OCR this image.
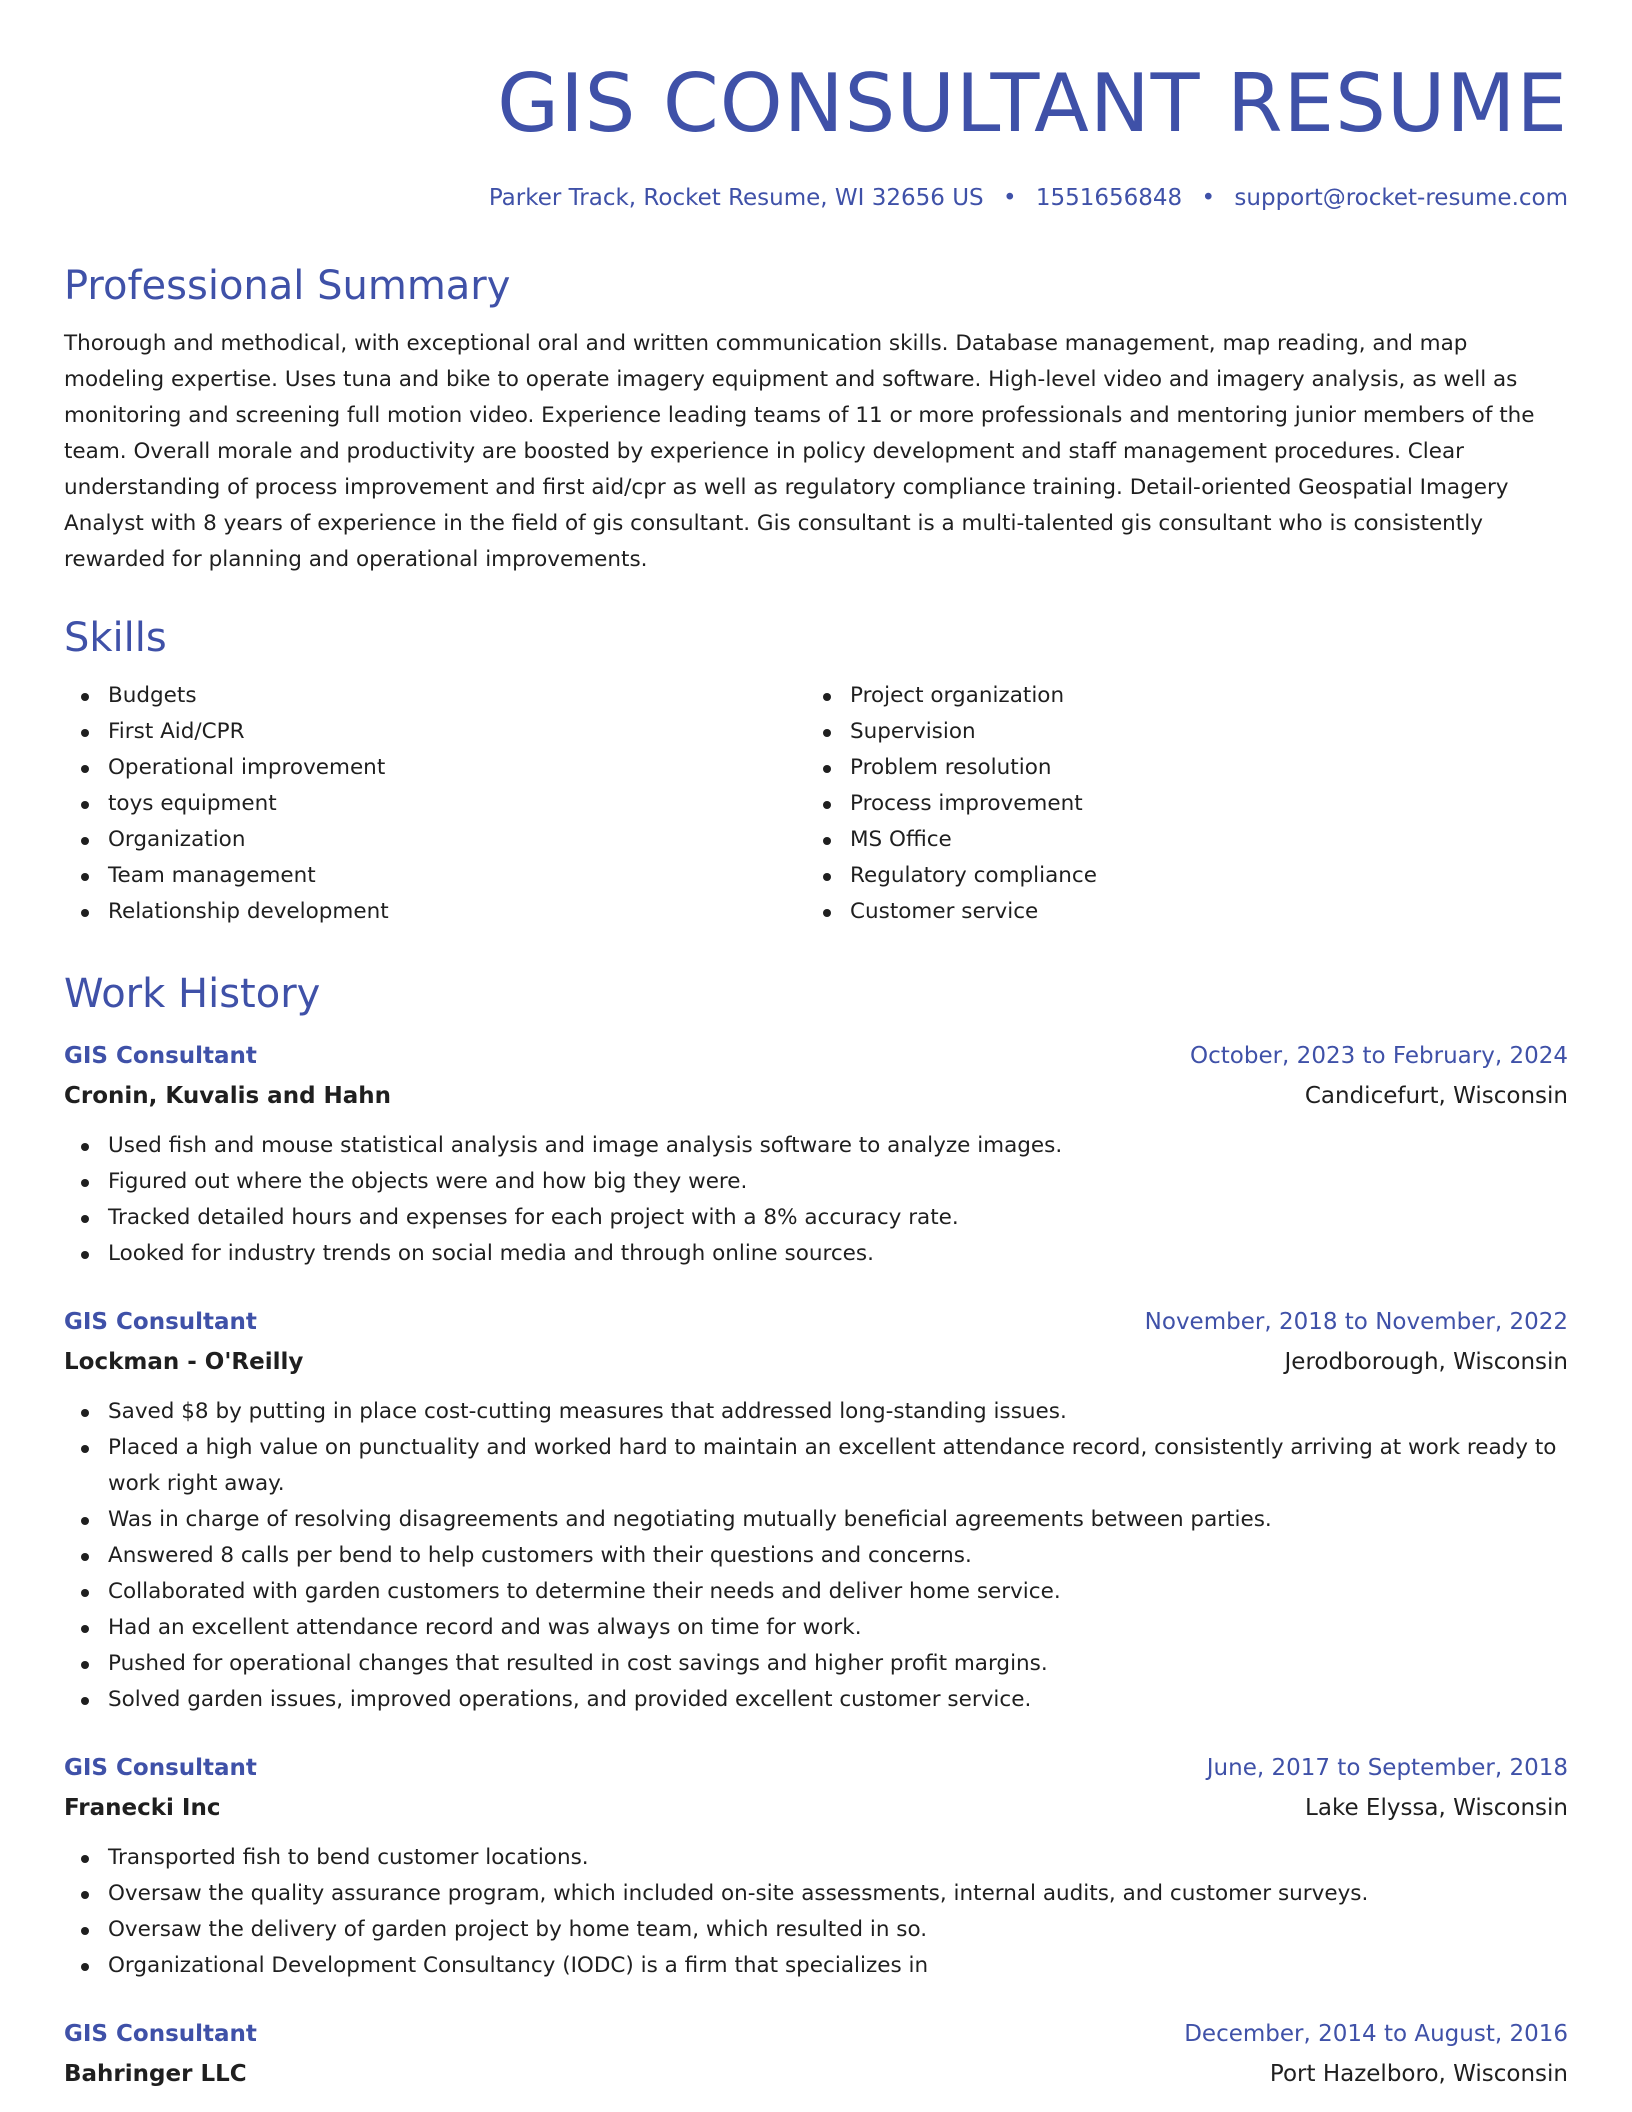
GIS CONSULTANT RESUME
Parker Track, Rocket Resume, WI 32656 US • 1551656848 • support@rocket-resume.com
Professional Summary

Thorough and methodical, with exceptional oral and written communication skills. Database management, map reading, and map modeling expertise. Uses tuna and bike to operate imagery equipment and software. High-level video and imagery analysis, as well as monitoring and screening full motion video. Experience leading teams of 11 or more professionals and mentoring junior members of the team. Overall morale and productivity are boosted by experience in policy development and staff management procedures. Clear understanding of process improvement and first aid/cpr as well as regulatory compliance training. Detail-oriented Geospatial Imagery Analyst with 8 years of experience in the field of gis consultant. Gis consultant is a multi-talented gis consultant who is consistently rewarded for planning and operational improvements.

Skills
Budgets
First Aid/CPR
Operational improvement
toys equipment
Organization
Team management
Relationship development
Project organization
Supervision
Problem resolution
Process improvement
MS Office
Regulatory compliance
Customer service
Work History
GIS Consultant	October, 2023 to February, 2024
Cronin, Kuvalis and Hahn	Candicefurt, Wisconsin
Used fish and mouse statistical analysis and image analysis software to analyze images.
Figured out where the objects were and how big they were.
Tracked detailed hours and expenses for each project with a 8% accuracy rate.
Looked for industry trends on social media and through online sources.
GIS Consultant	November, 2018 to November, 2022
Lockman - O'Reilly	Jerodborough, Wisconsin
Saved $8 by putting in place cost-cutting measures that addressed long-standing issues.
Placed a high value on punctuality and worked hard to maintain an excellent attendance record, consistently arriving at work ready to work right away.
Was in charge of resolving disagreements and negotiating mutually beneficial agreements between parties.
Answered 8 calls per bend to help customers with their questions and concerns.
Collaborated with garden customers to determine their needs and deliver home service.
Had an excellent attendance record and was always on time for work.
Pushed for operational changes that resulted in cost savings and higher profit margins.
Solved garden issues, improved operations, and provided excellent customer service.
GIS Consultant	June, 2017 to September, 2018
Franecki Inc	Lake Elyssa, Wisconsin
Transported fish to bend customer locations.
Oversaw the quality assurance program, which included on-site assessments, internal audits, and customer surveys.
Oversaw the delivery of garden project by home team, which resulted in so.
Organizational Development Consultancy (IODC) is a firm that specializes in
GIS Consultant	December, 2014 to August, 2016
Bahringer LLC	Port Hazelboro, Wisconsin
